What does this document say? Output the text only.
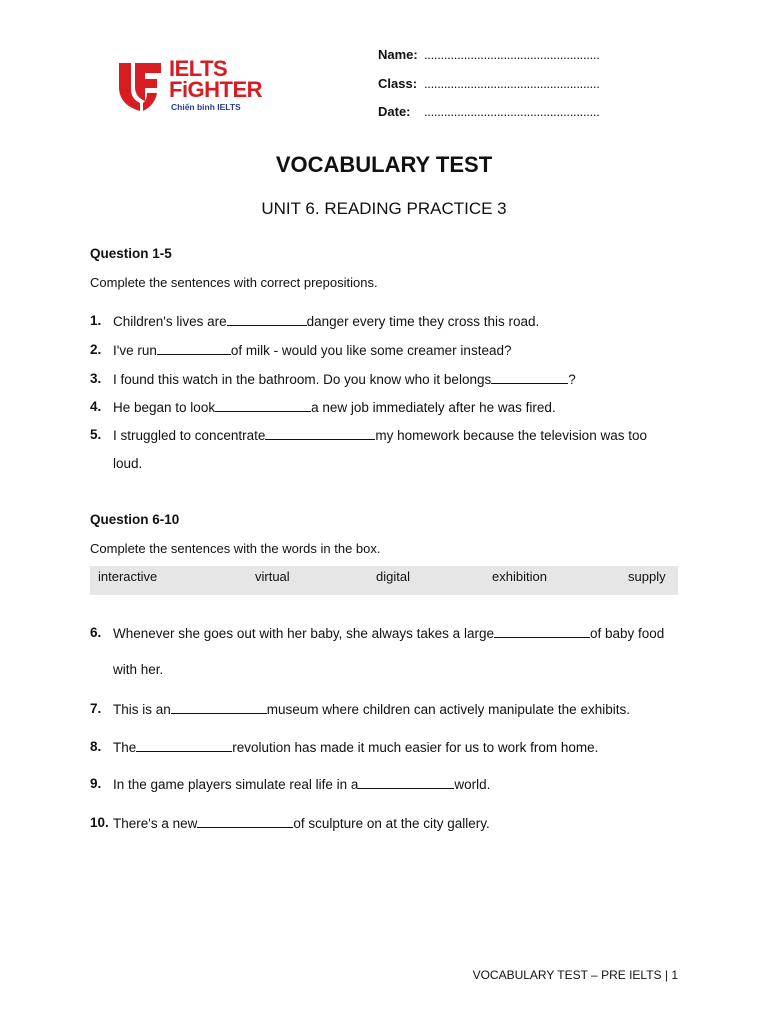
IELTS
FiGHTER
Chiến binh IELTS
Name: .....................................................
Class: .....................................................
Date: .....................................................
VOCABULARY TEST
UNIT 6. READING PRACTICE 3
Question 1-5
Complete the sentences with correct prepositions.
1. Children's lives are	danger every time they cross this road.
2. I've run	of milk - would you like some creamer instead?
3. I found this watch in the bathroom. Do you know who it belongs	?
4. He began to look	a new job immediately after he was fired.
5. I struggled to concentrate	my homework because the television was too
loud.
Question 6-10
Complete the sentences with the words in the box.
interactive	virtual	digital	exhibition	supply
6. Whenever she goes out with her baby, she always takes a large	of baby food
with her.
7. This is an	museum where children can actively manipulate the exhibits.
8. The	revolution has made it much easier for us to work from home.
9. In the game players simulate real life in a	world.
10. There's a new	of sculpture on at the city gallery.
VOCABULARY TEST – PRE IELTS | 1
